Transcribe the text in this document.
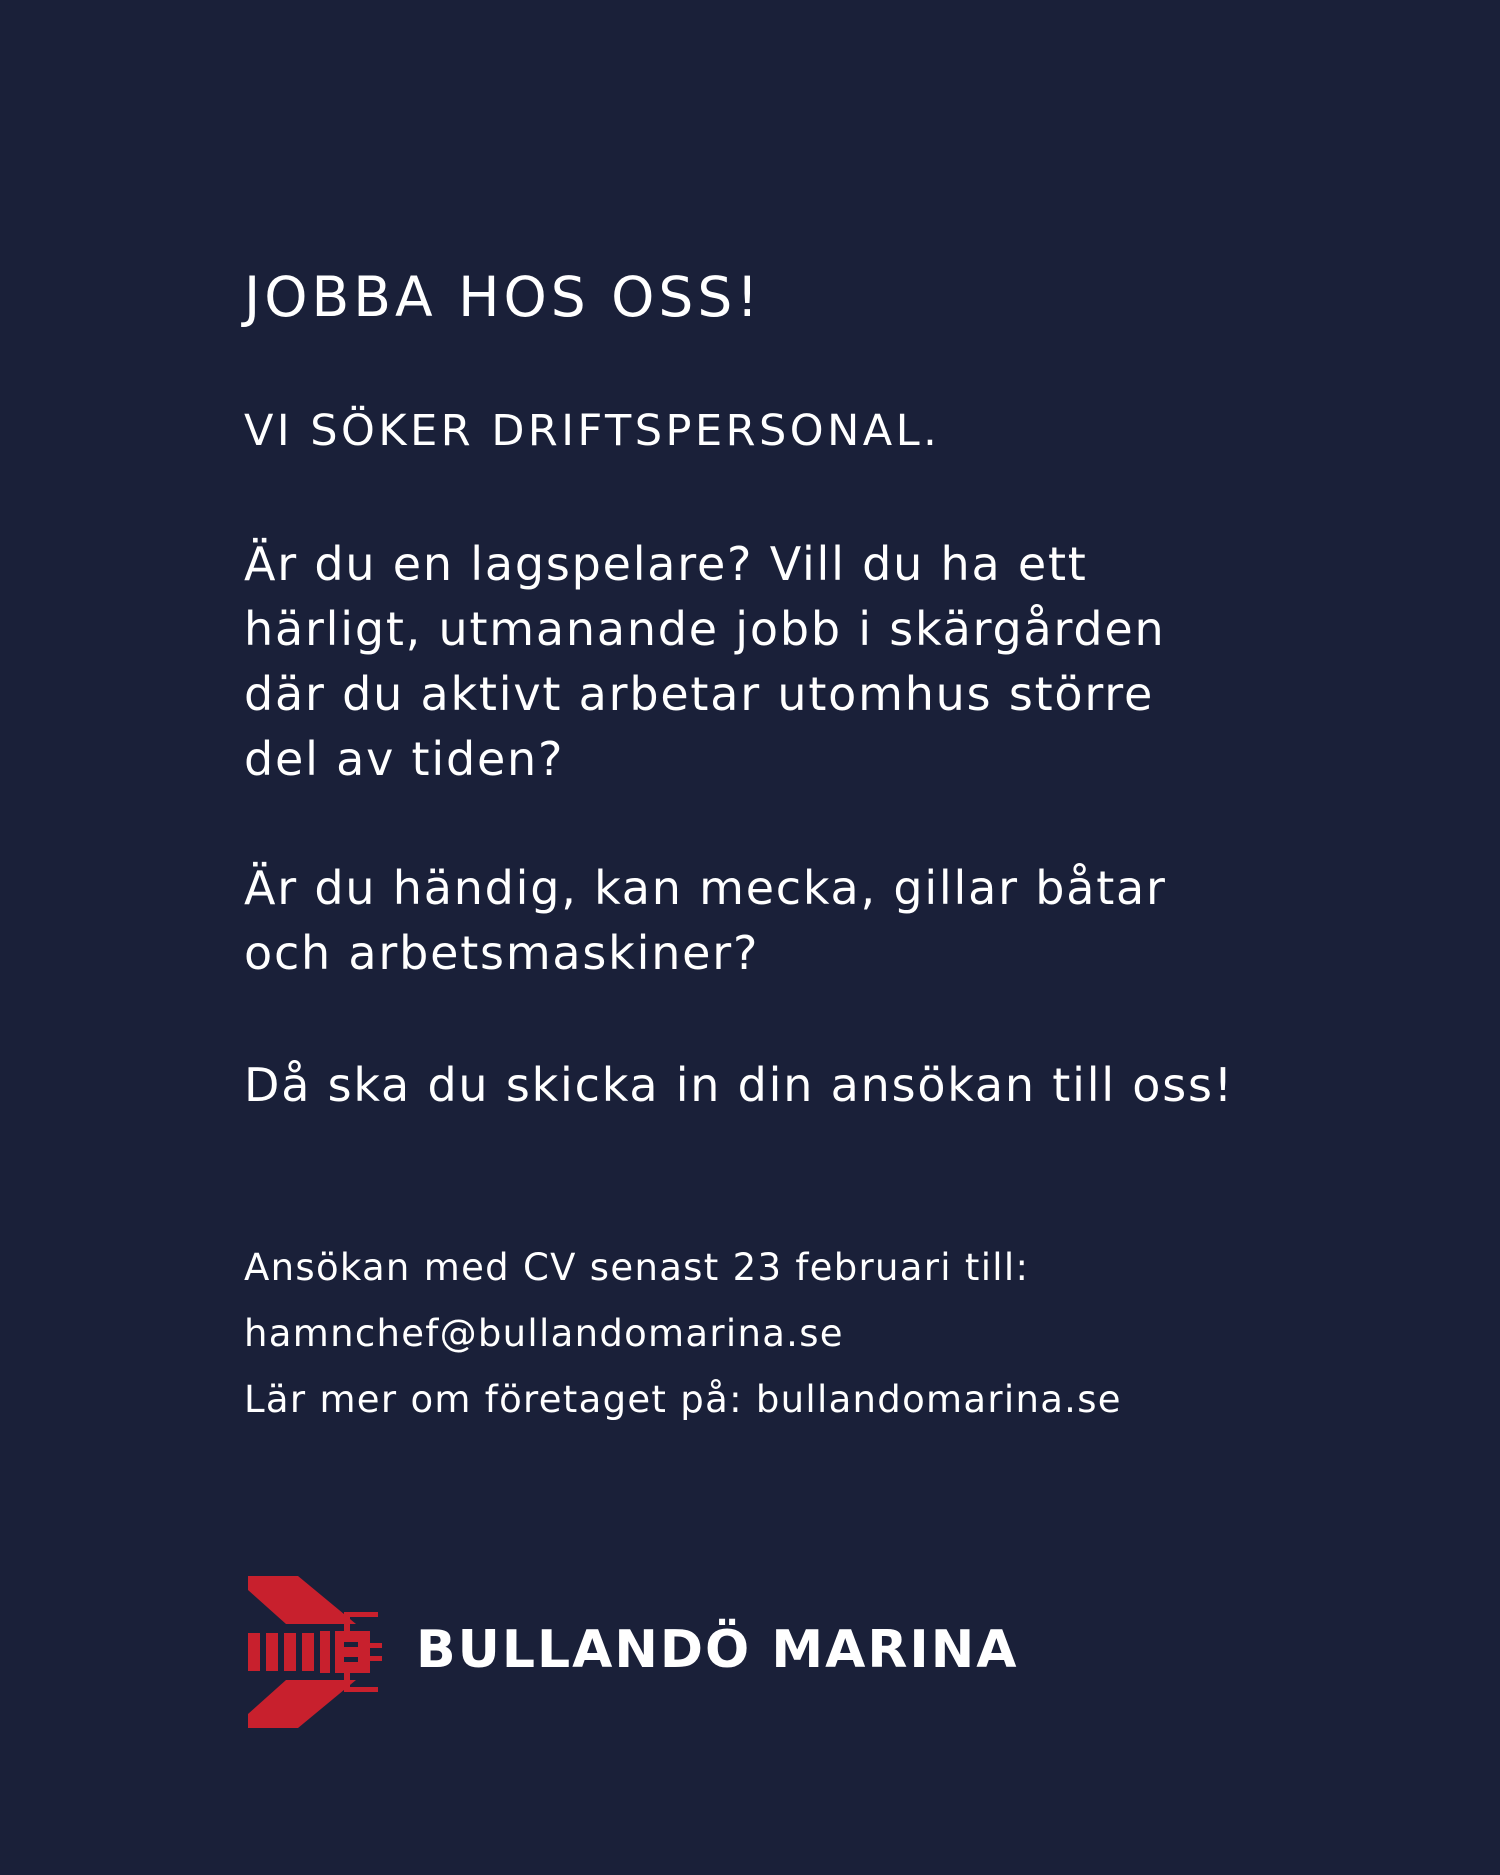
JOBBA HOS OSS!
VI SÖKER DRIFTSPERSONAL.

Är du en lagspelare? Vill du ha ett
härligt, utmanande jobb i skärgården
där du aktivt arbetar utomhus större
del av tiden?

Är du händig, kan mecka, gillar båtar
och arbetsmaskiner?

Då ska du skicka in din ansökan till oss!

Ansökan med CV senast 23 februari till:
hamnchef@bullandomarina.se
Lär mer om företaget på: bullandomarina.se
BULLANDÖ MARINA
